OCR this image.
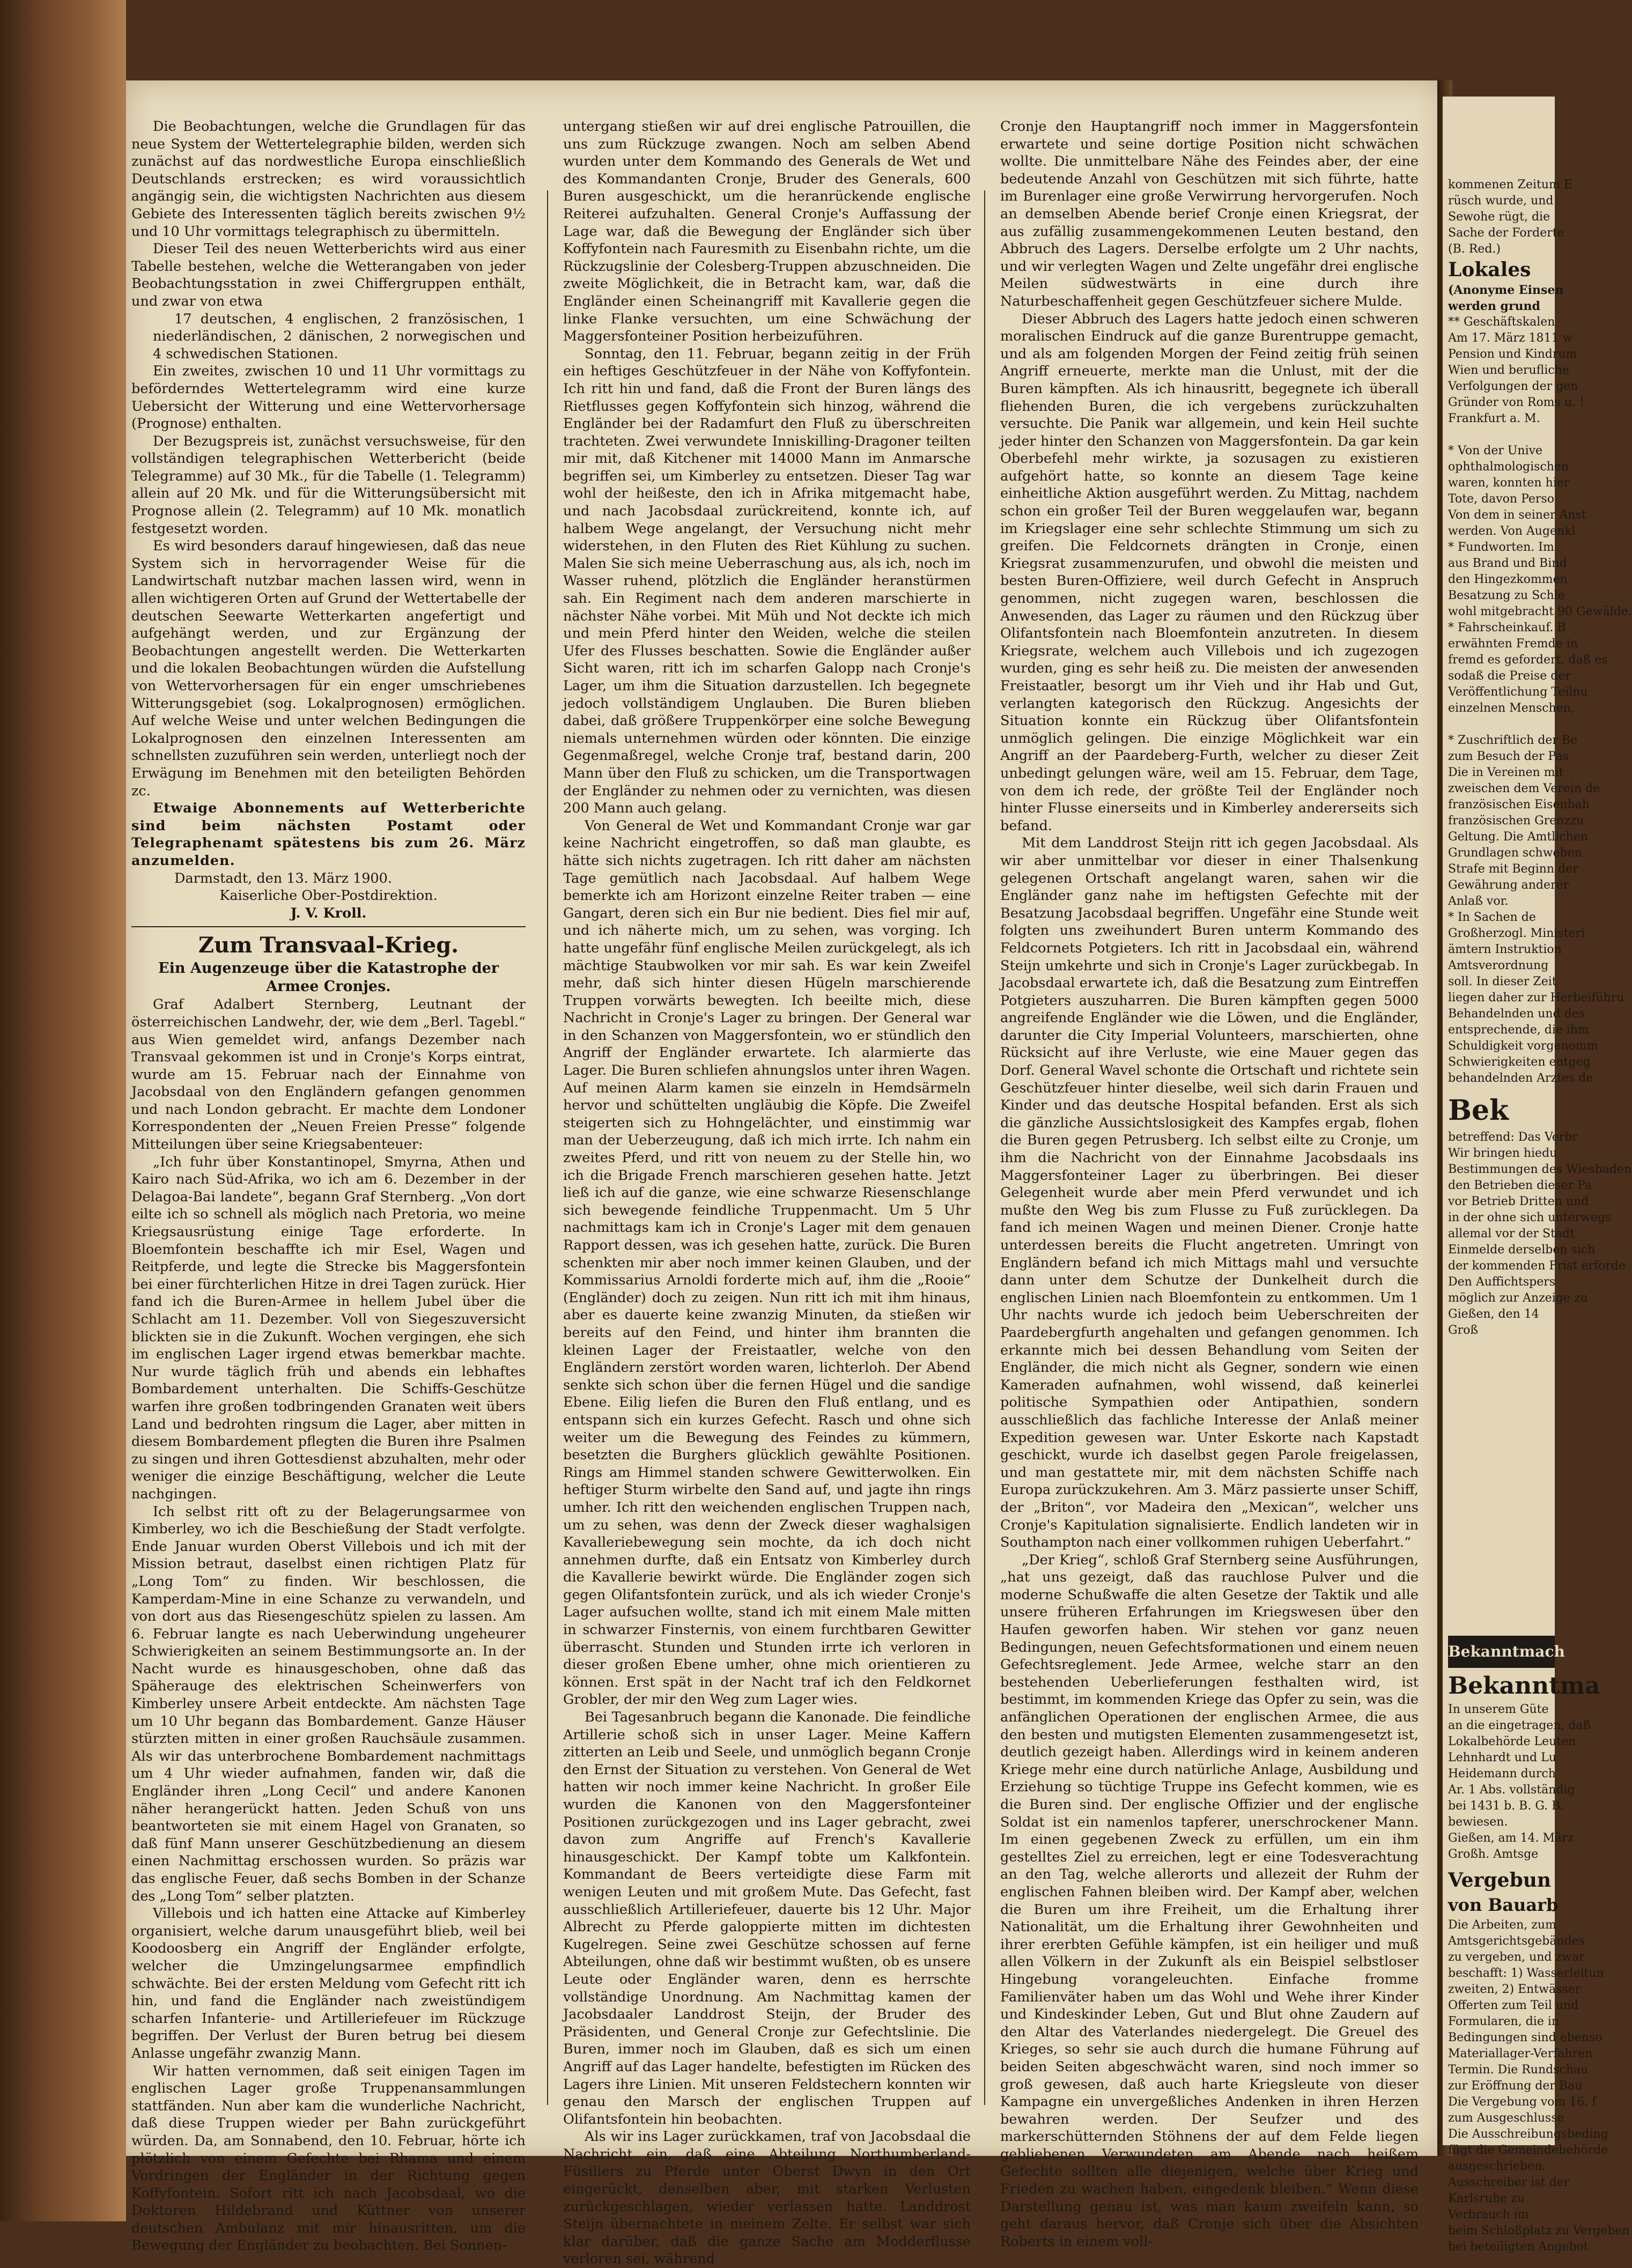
Die Beobachtungen, welche die Grundlagen für das neue System der Wettertelegraphie bilden, werden sich zunächst auf das nordwestliche Europa einschließlich Deutschlands erstrecken; es wird voraussichtlich angängig sein, die wichtigsten Nachrichten aus diesem Gebiete des Interessenten täglich bereits zwischen 9½ und 10 Uhr vormittags telegraphisch zu übermitteln.

Dieser Teil des neuen Wetterberichts wird aus einer Tabelle bestehen, welche die Wetterangaben von jeder Beobachtungsstation in zwei Chiffergruppen enthält, und zwar von etwa

17 deutschen, 4 englischen, 2 französischen, 1 niederländischen, 2 dänischen, 2 norwegischen und 4 schwedischen Stationen.

Ein zweites, zwischen 10 und 11 Uhr vormittags zu beförderndes Wettertelegramm wird eine kurze Uebersicht der Witterung und eine Wettervorhersage (Prognose) enthalten.

Der Bezugspreis ist, zunächst versuchsweise, für den vollständigen telegraphischen Wetterbericht (beide Telegramme) auf 30 Mk., für die Tabelle (1. Telegramm) allein auf 20 Mk. und für die Witterungsübersicht mit Prognose allein (2. Telegramm) auf 10 Mk. monatlich festgesetzt worden.

Es wird besonders darauf hingewiesen, daß das neue System sich in hervorragender Weise für die Landwirtschaft nutzbar machen lassen wird, wenn in allen wichtigeren Orten auf Grund der Wettertabelle der deutschen Seewarte Wetterkarten angefertigt und aufgehängt werden, und zur Ergänzung der Beobachtungen angestellt werden. Die Wetterkarten und die lokalen Beobachtungen würden die Aufstellung von Wettervorhersagen für ein enger umschriebenes Witterungsgebiet (sog. Lokalprognosen) ermöglichen. Auf welche Weise und unter welchen Bedingungen die Lokalprognosen den einzelnen Interessenten am schnellsten zuzuführen sein werden, unterliegt noch der Erwägung im Benehmen mit den beteiligten Behörden zc.

Etwaige Abonnements auf Wetterberichte sind beim nächsten Postamt oder Telegraphenamt spätestens bis zum 26. März anzumelden.

Darmstadt, den 13. März 1900.

Kaiserliche Ober-Postdirektion.

J. V. Kroll.

Zum Transvaal-Krieg.

Ein Augenzeuge über die Katastrophe der Armee Cronjes.

Graf Adalbert Sternberg, Leutnant der österreichischen Landwehr, der, wie dem „Berl. Tagebl.“ aus Wien gemeldet wird, anfangs Dezember nach Transvaal gekommen ist und in Cronje's Korps eintrat, wurde am 15. Februar nach der Einnahme von Jacobsdaal von den Engländern gefangen genommen und nach London gebracht. Er machte dem Londoner Korrespondenten der „Neuen Freien Presse“ folgende Mitteilungen über seine Kriegsabenteuer:

„Ich fuhr über Konstantinopel, Smyrna, Athen und Kairo nach Süd-Afrika, wo ich am 6. Dezember in der Delagoa-Bai landete“, begann Graf Sternberg. „Von dort eilte ich so schnell als möglich nach Pretoria, wo meine Kriegsausrüstung einige Tage erforderte. In Bloemfontein beschaffte ich mir Esel, Wagen und Reitpferde, und legte die Strecke bis Maggersfontein bei einer fürchterlichen Hitze in drei Tagen zurück. Hier fand ich die Buren-Armee in hellem Jubel über die Schlacht am 11. Dezember. Voll von Siegeszuversicht blickten sie in die Zukunft. Wochen vergingen, ehe sich im englischen Lager irgend etwas bemerkbar machte. Nur wurde täglich früh und abends ein lebhaftes Bombardement unterhalten. Die Schiffs-Geschütze warfen ihre großen todbringenden Granaten weit übers Land und bedrohten ringsum die Lager, aber mitten in diesem Bombardement pflegten die Buren ihre Psalmen zu singen und ihren Gottesdienst abzuhalten, mehr oder weniger die einzige Beschäftigung, welcher die Leute nachgingen.

Ich selbst ritt oft zu der Belagerungsarmee von Kimberley, wo ich die Beschießung der Stadt verfolgte. Ende Januar wurden Oberst Villebois und ich mit der Mission betraut, daselbst einen richtigen Platz für „Long Tom“ zu finden. Wir beschlossen, die Kamperdam-Mine in eine Schanze zu verwandeln, und von dort aus das Riesengeschütz spielen zu lassen. Am 6. Februar langte es nach Ueberwindung ungeheurer Schwierigkeiten an seinem Bestimmungsorte an. In der Nacht wurde es hinausgeschoben, ohne daß das Späherauge des elektrischen Scheinwerfers von Kimberley unsere Arbeit entdeckte. Am nächsten Tage um 10 Uhr begann das Bombardement. Ganze Häuser stürzten mitten in einer großen Rauchsäule zusammen. Als wir das unterbrochene Bombardement nachmittags um 4 Uhr wieder aufnahmen, fanden wir, daß die Engländer ihren „Long Cecil“ und andere Kanonen näher herangerückt hatten. Jeden Schuß von uns beantworteten sie mit einem Hagel von Granaten, so daß fünf Mann unserer Geschützbedienung an diesem einen Nachmittag erschossen wurden. So präzis war das englische Feuer, daß sechs Bomben in der Schanze des „Long Tom“ selber platzten.

Villebois und ich hatten eine Attacke auf Kimberley organisiert, welche darum unausgeführt blieb, weil bei Koodoosberg ein Angriff der Engländer erfolgte, welcher die Umzingelungsarmee empfindlich schwächte. Bei der ersten Meldung vom Gefecht ritt ich hin, und fand die Engländer nach zweistündigem scharfen Infanterie- und Artilleriefeuer im Rückzuge begriffen. Der Verlust der Buren betrug bei diesem Anlasse ungefähr zwanzig Mann.

Wir hatten vernommen, daß seit einigen Tagen im englischen Lager große Truppenansammlungen stattfänden. Nun aber kam die wunderliche Nachricht, daß diese Truppen wieder per Bahn zurückgeführt würden. Da, am Sonnabend, den 10. Februar, hörte ich plötzlich von einem Gefechte bei Rhama und einem Vordringen der Engländer in der Richtung gegen Koffyfontein. Sofort ritt ich nach Jacobsdaal, wo die Doktoren Hildebrand und Küttner von unserer deutschen Ambulanz mit mir hinausritten, um die Bewegung der Engländer zu beobachten. Bei Sonnen-

untergang stießen wir auf drei englische Patrouillen, die uns zum Rückzuge zwangen. Noch am selben Abend wurden unter dem Kommando des Generals de Wet und des Kommandanten Cronje, Bruder des Generals, 600 Buren ausgeschickt, um die heranrückende englische Reiterei aufzuhalten. General Cronje's Auffassung der Lage war, daß die Bewegung der Engländer sich über Koffyfontein nach Fauresmith zu Eisenbahn richte, um die Rückzugslinie der Colesberg-Truppen abzuschneiden. Die zweite Möglichkeit, die in Betracht kam, war, daß die Engländer einen Scheinangriff mit Kavallerie gegen die linke Flanke versuchten, um eine Schwächung der Maggersfonteiner Position herbeizuführen.

Sonntag, den 11. Februar, begann zeitig in der Früh ein heftiges Geschützfeuer in der Nähe von Koffyfontein. Ich ritt hin und fand, daß die Front der Buren längs des Rietflusses gegen Koffyfontein sich hinzog, während die Engländer bei der Radamfurt den Fluß zu überschreiten trachteten. Zwei verwundete Inniskilling-Dragoner teilten mir mit, daß Kitchener mit 14000 Mann im Anmarsche begriffen sei, um Kimberley zu entsetzen. Dieser Tag war wohl der heißeste, den ich in Afrika mitgemacht habe, und nach Jacobsdaal zurückreitend, konnte ich, auf halbem Wege angelangt, der Versuchung nicht mehr widerstehen, in den Fluten des Riet Kühlung zu suchen. Malen Sie sich meine Ueberraschung aus, als ich, noch im Wasser ruhend, plötzlich die Engländer heranstürmen sah. Ein Regiment nach dem anderen marschierte in nächster Nähe vorbei. Mit Müh und Not deckte ich mich und mein Pferd hinter den Weiden, welche die steilen Ufer des Flusses beschatten. Sowie die Engländer außer Sicht waren, ritt ich im scharfen Galopp nach Cronje's Lager, um ihm die Situation darzustellen. Ich begegnete jedoch vollständigem Unglauben. Die Buren blieben dabei, daß größere Truppenkörper eine solche Bewegung niemals unternehmen würden oder könnten. Die einzige Gegenmaßregel, welche Cronje traf, bestand darin, 200 Mann über den Fluß zu schicken, um die Transportwagen der Engländer zu nehmen oder zu vernichten, was diesen 200 Mann auch gelang.

Von General de Wet und Kommandant Cronje war gar keine Nachricht eingetroffen, so daß man glaubte, es hätte sich nichts zugetragen. Ich ritt daher am nächsten Tage gemütlich nach Jacobsdaal. Auf halbem Wege bemerkte ich am Horizont einzelne Reiter traben — eine Gangart, deren sich ein Bur nie bedient. Dies fiel mir auf, und ich näherte mich, um zu sehen, was vorging. Ich hatte ungefähr fünf englische Meilen zurückgelegt, als ich mächtige Staubwolken vor mir sah. Es war kein Zweifel mehr, daß sich hinter diesen Hügeln marschierende Truppen vorwärts bewegten. Ich beeilte mich, diese Nachricht in Cronje's Lager zu bringen. Der General war in den Schanzen von Maggersfontein, wo er stündlich den Angriff der Engländer erwartete. Ich alarmierte das Lager. Die Buren schliefen ahnungslos unter ihren Wagen. Auf meinen Alarm kamen sie einzeln in Hemdsärmeln hervor und schüttelten ungläubig die Köpfe. Die Zweifel steigerten sich zu Hohngelächter, und einstimmig war man der Ueberzeugung, daß ich mich irrte. Ich nahm ein zweites Pferd, und ritt von neuem zu der Stelle hin, wo ich die Brigade French marschieren gesehen hatte. Jetzt ließ ich auf die ganze, wie eine schwarze Riesenschlange sich bewegende feindliche Truppenmacht. Um 5 Uhr nachmittags kam ich in Cronje's Lager mit dem genauen Rapport dessen, was ich gesehen hatte, zurück. Die Buren schenkten mir aber noch immer keinen Glauben, und der Kommissarius Arnoldi forderte mich auf, ihm die „Rooie“ (Engländer) doch zu zeigen. Nun ritt ich mit ihm hinaus, aber es dauerte keine zwanzig Minuten, da stießen wir bereits auf den Feind, und hinter ihm brannten die kleinen Lager der Freistaatler, welche von den Engländern zerstört worden waren, lichterloh. Der Abend senkte sich schon über die fernen Hügel und die sandige Ebene. Eilig liefen die Buren den Fluß entlang, und es entspann sich ein kurzes Gefecht. Rasch und ohne sich weiter um die Bewegung des Feindes zu kümmern, besetzten die Burghers glücklich gewählte Positionen. Rings am Himmel standen schwere Gewitterwolken. Ein heftiger Sturm wirbelte den Sand auf, und jagte ihn rings umher. Ich ritt den weichenden englischen Truppen nach, um zu sehen, was denn der Zweck dieser waghalsigen Kavalleriebewegung sein mochte, da ich doch nicht annehmen durfte, daß ein Entsatz von Kimberley durch die Kavallerie bewirkt würde. Die Engländer zogen sich gegen Olifantsfontein zurück, und als ich wieder Cronje's Lager aufsuchen wollte, stand ich mit einem Male mitten in schwarzer Finsternis, von einem furchtbaren Gewitter überrascht. Stunden und Stunden irrte ich verloren in dieser großen Ebene umher, ohne mich orientieren zu können. Erst spät in der Nacht traf ich den Feldkornet Grobler, der mir den Weg zum Lager wies.

Bei Tagesanbruch begann die Kanonade. Die feindliche Artillerie schoß sich in unser Lager. Meine Kaffern zitterten an Leib und Seele, und unmöglich begann Cronje den Ernst der Situation zu verstehen. Von General de Wet hatten wir noch immer keine Nachricht. In großer Eile wurden die Kanonen von den Maggersfonteiner Positionen zurückgezogen und ins Lager gebracht, zwei davon zum Angriffe auf French's Kavallerie hinausgeschickt. Der Kampf tobte um Kalkfontein. Kommandant de Beers verteidigte diese Farm mit wenigen Leuten und mit großem Mute. Das Gefecht, fast ausschließlich Artilleriefeuer, dauerte bis 12 Uhr. Major Albrecht zu Pferde galoppierte mitten im dichtesten Kugelregen. Seine zwei Geschütze schossen auf ferne Abteilungen, ohne daß wir bestimmt wußten, ob es unsere Leute oder Engländer waren, denn es herrschte vollständige Unordnung. Am Nachmittag kamen der Jacobsdaaler Landdrost Steijn, der Bruder des Präsidenten, und General Cronje zur Gefechtslinie. Die Buren, immer noch im Glauben, daß es sich um einen Angriff auf das Lager handelte, befestigten im Rücken des Lagers ihre Linien. Mit unseren Feldstechern konnten wir genau den Marsch der englischen Truppen auf Olifantsfontein hin beobachten.

Als wir ins Lager zurückkamen, traf von Jacobsdaal die Nachricht ein, daß eine Abteilung Northumberland-Füsiliers zu Pferde unter Oberst Dwyn in den Ort eingerückt, denselben aber, mit starken Verlusten zurückgeschlagen, wieder verlassen hatte. Landdrost Steijn übernachtete in meinem Zelte. Er selbst war sich klar darüber, daß die ganze Sache am Modderflusse verloren sei, während

Cronje den Hauptangriff noch immer in Maggersfontein erwartete und seine dortige Position nicht schwächen wollte. Die unmittelbare Nähe des Feindes aber, der eine bedeutende Anzahl von Geschützen mit sich führte, hatte im Burenlager eine große Verwirrung hervorgerufen. Noch an demselben Abende berief Cronje einen Kriegsrat, der aus zufällig zusammengekommenen Leuten bestand, den Abbruch des Lagers. Derselbe erfolgte um 2 Uhr nachts, und wir verlegten Wagen und Zelte ungefähr drei englische Meilen südwestwärts in eine durch ihre Naturbeschaffenheit gegen Geschützfeuer sichere Mulde.

Dieser Abbruch des Lagers hatte jedoch einen schweren moralischen Eindruck auf die ganze Burentruppe gemacht, und als am folgenden Morgen der Feind zeitig früh seinen Angriff erneuerte, merkte man die Unlust, mit der die Buren kämpften. Als ich hinausritt, begegnete ich überall fliehenden Buren, die ich vergebens zurückzuhalten versuchte. Die Panik war allgemein, und kein Heil suchte jeder hinter den Schanzen von Maggersfontein. Da gar kein Oberbefehl mehr wirkte, ja sozusagen zu existieren aufgehört hatte, so konnte an diesem Tage keine einheitliche Aktion ausgeführt werden. Zu Mittag, nachdem schon ein großer Teil der Buren weggelaufen war, begann im Kriegslager eine sehr schlechte Stimmung um sich zu greifen. Die Feldcornets drängten in Cronje, einen Kriegsrat zusammenzurufen, und obwohl die meisten und besten Buren-Offiziere, weil durch Gefecht in Anspruch genommen, nicht zugegen waren, beschlossen die Anwesenden, das Lager zu räumen und den Rückzug über Olifantsfontein nach Bloemfontein anzutreten. In diesem Kriegsrate, welchem auch Villebois und ich zugezogen wurden, ging es sehr heiß zu. Die meisten der anwesenden Freistaatler, besorgt um ihr Vieh und ihr Hab und Gut, verlangten kategorisch den Rückzug. Angesichts der Situation konnte ein Rückzug über Olifantsfontein unmöglich gelingen. Die einzige Möglichkeit war ein Angriff an der Paardeberg-Furth, welcher zu dieser Zeit unbedingt gelungen wäre, weil am 15. Februar, dem Tage, von dem ich rede, der größte Teil der Engländer noch hinter Flusse einerseits und in Kimberley andererseits sich befand.

Mit dem Landdrost Steijn ritt ich gegen Jacobsdaal. Als wir aber unmittelbar vor dieser in einer Thalsenkung gelegenen Ortschaft angelangt waren, sahen wir die Engländer ganz nahe im heftigsten Gefechte mit der Besatzung Jacobsdaal begriffen. Ungefähr eine Stunde weit folgten uns zweihundert Buren unterm Kommando des Feldcornets Potgieters. Ich ritt in Jacobsdaal ein, während Steijn umkehrte und sich in Cronje's Lager zurückbegab. In Jacobsdaal erwartete ich, daß die Besatzung zum Eintreffen Potgieters auszuharren. Die Buren kämpften gegen 5000 angreifende Engländer wie die Löwen, und die Engländer, darunter die City Imperial Volunteers, marschierten, ohne Rücksicht auf ihre Verluste, wie eine Mauer gegen das Dorf. General Wavel schonte die Ortschaft und richtete sein Geschützfeuer hinter dieselbe, weil sich darin Frauen und Kinder und das deutsche Hospital befanden. Erst als sich die gänzliche Aussichtslosigkeit des Kampfes ergab, flohen die Buren gegen Petrusberg. Ich selbst eilte zu Cronje, um ihm die Nachricht von der Einnahme Jacobsdaals ins Maggersfonteiner Lager zu überbringen. Bei dieser Gelegenheit wurde aber mein Pferd verwundet und ich mußte den Weg bis zum Flusse zu Fuß zurücklegen. Da fand ich meinen Wagen und meinen Diener. Cronje hatte unterdessen bereits die Flucht angetreten. Umringt von Engländern befand ich mich Mittags mahl und versuchte dann unter dem Schutze der Dunkelheit durch die englischen Linien nach Bloemfontein zu entkommen. Um 1 Uhr nachts wurde ich jedoch beim Ueberschreiten der Paardebergfurth angehalten und gefangen genommen. Ich erkannte mich bei dessen Behandlung vom Seiten der Engländer, die mich nicht als Gegner, sondern wie einen Kameraden aufnahmen, wohl wissend, daß keinerlei politische Sympathien oder Antipathien, sondern ausschließlich das fachliche Interesse der Anlaß meiner Expedition gewesen war. Unter Eskorte nach Kapstadt geschickt, wurde ich daselbst gegen Parole freigelassen, und man gestattete mir, mit dem nächsten Schiffe nach Europa zurückzukehren. Am 3. März passierte unser Schiff, der „Briton“, vor Madeira den „Mexican“, welcher uns Cronje's Kapitulation signalisierte. Endlich landeten wir in Southampton nach einer vollkommen ruhigen Ueberfahrt.“

„Der Krieg“, schloß Graf Sternberg seine Ausführungen, „hat uns gezeigt, daß das rauchlose Pulver und die moderne Schußwaffe die alten Gesetze der Taktik und alle unsere früheren Erfahrungen im Kriegswesen über den Haufen geworfen haben. Wir stehen vor ganz neuen Bedingungen, neuen Gefechtsformationen und einem neuen Gefechtsreglement. Jede Armee, welche starr an den bestehenden Ueberlieferungen festhalten wird, ist bestimmt, im kommenden Kriege das Opfer zu sein, was die anfänglichen Operationen der englischen Armee, die aus den besten und mutigsten Elementen zusammengesetzt ist, deutlich gezeigt haben. Allerdings wird in keinem anderen Kriege mehr eine durch natürliche Anlage, Ausbildung und Erziehung so tüchtige Truppe ins Gefecht kommen, wie es die Buren sind. Der englische Offizier und der englische Soldat ist ein namenlos tapferer, unerschrockener Mann. Im einen gegebenen Zweck zu erfüllen, um ein ihm gestelltes Ziel zu erreichen, legt er eine Todesverachtung an den Tag, welche allerorts und allezeit der Ruhm der englischen Fahnen bleiben wird. Der Kampf aber, welchen die Buren um ihre Freiheit, um die Erhaltung ihrer Nationalität, um die Erhaltung ihrer Gewohnheiten und ihrer ererbten Gefühle kämpfen, ist ein heiliger und muß allen Völkern in der Zukunft als ein Beispiel selbstloser Hingebung vorangeleuchten. Einfache fromme Familienväter haben um das Wohl und Wehe ihrer Kinder und Kindeskinder Leben, Gut und Blut ohne Zaudern auf den Altar des Vaterlandes niedergelegt. Die Greuel des Krieges, so sehr sie auch durch die humane Führung auf beiden Seiten abgeschwächt waren, sind noch immer so groß gewesen, daß auch harte Kriegsleute von dieser Kampagne ein unvergeßliches Andenken in ihren Herzen bewahren werden. Der Seufzer und des markerschütternden Stöhnens der auf dem Felde liegen gebliebenen Verwundeten am Abende nach heißem Gefechte sollten alle diejenigen, welche über Krieg und Frieden zu wachen haben, eingedenk bleiben.“ Wenn diese Darstellung genau ist, was man kaum zweifeln kann, so geht daraus hervor, daß Cronje sich über die Absichten Roberts in einem voll-

kommenen Zeitum E
rüsch wurde, und
Sewohe rügt, die
Sache der Forderte
(B. Red.)
Lokales
(Anonyme Einsen
werden grund
** Geschäftskalen
Am 17. März 1811 w
Pension und Kindrum
Wien und berufliche
Verfolgungen der gen
Gründer von Roms u. !
Frankfurt a. M.
* Von der Unive
ophthalmologischen
waren, konnten hier
Tote, davon Perso
Von dem in seiner Anst
werden. Von Augenkl
* Fundworten. Im
aus Brand und Bind
den Hingezkommen
Besatzung zu Schle
wohl mitgebracht 90 Gewälde.
* Fahrscheinkauf. B
erwähnten Fremde in
fremd es gefordert, daß es
sodaß die Preise der
Veröffentlichung Teilnu
einzelnen Menschen,
* Zuschriftlich der Be
zum Besuch der Pas
Die in Vereinen mit
zweischen dem Verein de
französischen Eisenbah
französischen Grenzzu
Geltung. Die Amtlichen
Grundlagen schweben
Strafe mit Beginn der
Gewährung anderer
Anlaß vor.
* In Sachen de
Großherzogl. Ministeri
ämtern Instruktion
Amtsverordnung
soll. In dieser Zeit
liegen daher zur Herbeiführu
Behandelnden und des
entsprechende, die ihm
Schuldigkeit vorgenomm
Schwierigkeiten entgeg
behandelnden Arztes de
Bek
betreffend: Das Verbr
Wir bringen hiedu
Bestimmungen des Wiesbaden
den Betrieben dieser Pa
vor Betrieb Dritten und
in der ohne sich unterwegs
allemal vor der Stadt
Einmelde derselben sich
der kommenden Frist erforde
Den Auffichtspers
möglich zur Anzeige zu
Gießen, den 14
Groß
Bekanntmach
Bekanntma
In unserem Güte
an die eingetragen, daß
Lokalbehörde Leuten
Lehnhardt und Lu
Heidemann durch
Ar. 1 Abs. vollständig
bei 1431 b. B. G. B.
bewiesen.
Gießen, am 14. März
Großh. Amtsge
Vergebun
von Bauarb
Die Arbeiten, zum
Amtsgerichtsgebäudes
zu vergeben, und zwar
beschafft: 1) Wasserleitun
zweiten, 2) Entwässer
Offerten zum Teil und
Formularen, die in
Bedingungen sind ebenso
Materiallager-Verfahren
Termin. Die Rundschau
zur Eröffnung der Bau
Die Vergebung vom 16. f
zum Ausgeschlusse
Die Ausschreibungsbeding
fügt die Gemeindebehörde
ausgeschrieben.
Ausschreiber ist der
Karlsruhe zu
Verbrauch im
beim Schloßplatz zu Vergeben
bei beteiligten Angebot
